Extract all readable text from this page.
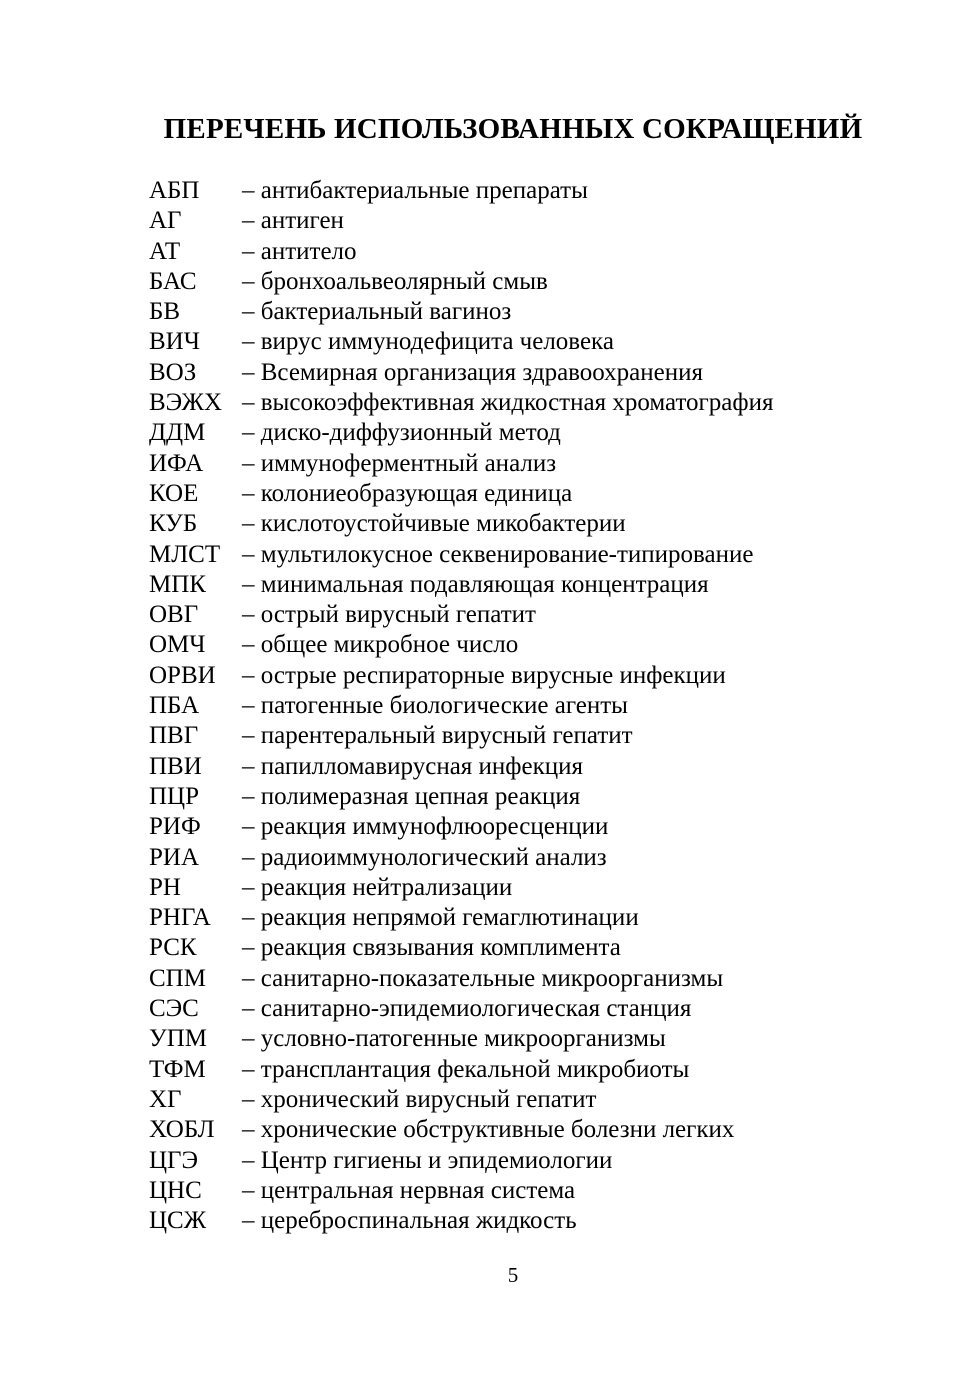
ПЕРЕЧЕНЬ ИСПОЛЬЗОВАННЫХ СОКРАЩЕНИЙ
АБП – антибактериальные препараты
АГ – антиген
АТ – антитело
БАС – бронхоальвеолярный смыв
БВ – бактериальный вагиноз
ВИЧ – вирус иммунодефицита человека
ВОЗ – Всемирная организация здравоохранения
ВЭЖХ – высокоэффективная жидкостная хроматография
ДДМ – диско-диффузионный метод
ИФА – иммуноферментный анализ
КОЕ – колониеобразующая единица
КУБ – кислотоустойчивые микобактерии
МЛСТ – мультилокусное секвенирование-типирование
МПК – минимальная подавляющая концентрация
ОВГ – острый вирусный гепатит
ОМЧ – общее микробное число
ОРВИ – острые респираторные вирусные инфекции
ПБА – патогенные биологические агенты
ПВГ – парентеральный вирусный гепатит
ПВИ – папилломавирусная инфекция
ПЦР – полимеразная цепная реакция
РИФ – реакция иммунофлюоресценции
РИА – радиоиммунологический анализ
РН – реакция нейтрализации
РНГА – реакция непрямой гемаглютинации
РСК – реакция связывания комплимента
СПМ – санитарно-показательные микроорганизмы
СЭС – санитарно-эпидемиологическая станция
УПМ – условно-патогенные микроорганизмы
ТФМ – трансплантация фекальной микробиоты
ХГ – хронический вирусный гепатит
ХОБЛ – хронические обструктивные болезни легких
ЦГЭ – Центр гигиены и эпидемиологии
ЦНС – центральная нервная система
ЦСЖ – цереброспинальная жидкость
5
